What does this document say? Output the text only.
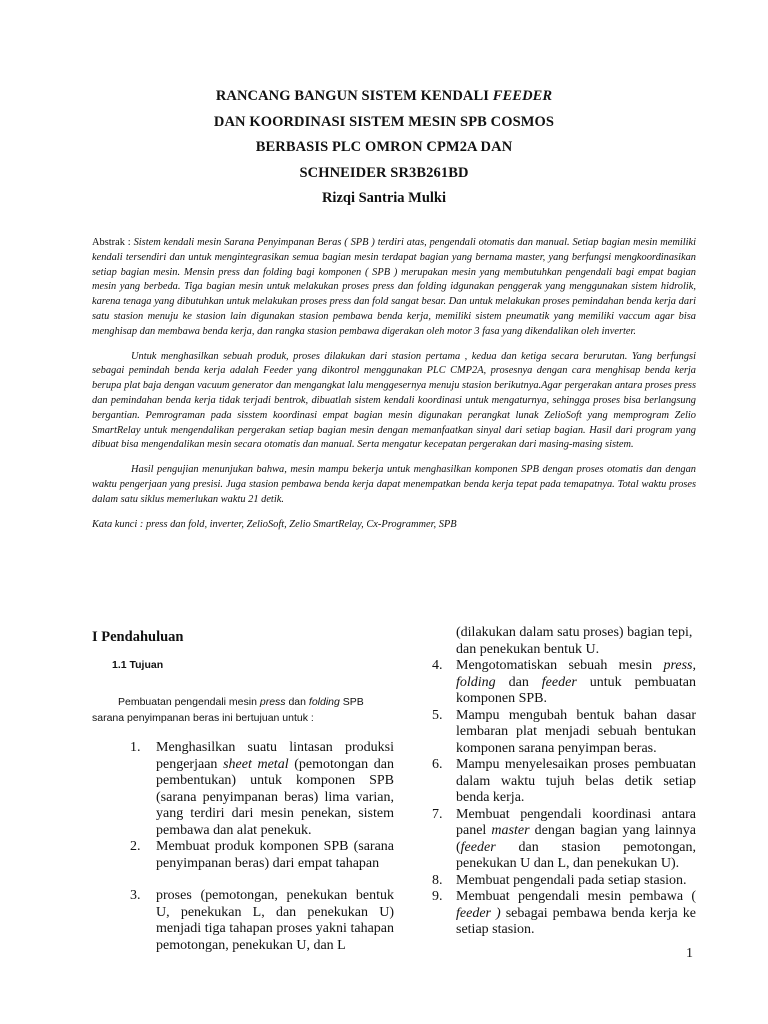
RANCANG BANGUN SISTEM KENDALI FEEDER
DAN KOORDINASI SISTEM MESIN SPB COSMOS
BERBASIS PLC OMRON CPM2A DAN
SCHNEIDER SR3B261BD
Rizqi Santria Mulki

Abstrak : Sistem kendali mesin Sarana Penyimpanan Beras ( SPB ) terdiri atas, pengendali otomatis dan manual. Setiap bagian mesin memiliki kendali tersendiri dan untuk mengintegrasikan semua bagian mesin terdapat bagian yang bernama master, yang berfungsi mengkoordinasikan setiap bagian mesin. Mensin press dan folding bagi komponen ( SPB ) merupakan mesin yang membutuhkan pengendali bagi empat bagian mesin yang berbeda. Tiga bagian mesin untuk melakukan proses press dan folding idgunakan penggerak yang menggunakan sistem hidrolik, karena tenaga yang dibutuhkan untuk melakukan proses press dan fold sangat besar. Dan untuk melakukan proses pemindahan benda kerja dari satu stasion menuju ke stasion lain digunakan stasion pembawa benda kerja, memiliki sistem pneumatik yang memiliki vaccum agar bisa menghisap dan membawa benda kerja, dan rangka stasion pembawa digerakan oleh motor 3 fasa yang dikendalikan oleh inverter.

Untuk menghasilkan sebuah produk, proses dilakukan dari stasion pertama , kedua dan ketiga secara berurutan. Yang berfungsi sebagai pemindah benda kerja adalah Feeder yang dikontrol menggunakan PLC CMP2A, prosesnya dengan cara menghisap benda kerja berupa plat baja dengan vacuum generator dan mengangkat lalu menggesernya menuju stasion berikutnya.Agar pergerakan antara proses press dan pemindahan benda kerja tidak terjadi bentrok, dibuatlah sistem kendali koordinasi untuk mengaturnya, sehingga proses bisa berlangsung bergantian. Pemrograman pada sisstem koordinasi empat bagian mesin digunakan perangkat lunak ZelioSoft yang memprogram Zelio SmartRelay untuk mengendalikan pergerakan setiap bagian mesin dengan memanfaatkan sinyal dari setiap bagian. Hasil dari program yang dibuat bisa mengendalikan mesin secara otomatis dan manual. Serta mengatur kecepatan pergerakan dari masing-masing sistem.

Hasil pengujian menunjukan bahwa, mesin mampu bekerja untuk menghasilkan komponen SPB dengan proses otomatis dan dengan waktu pengerjaan yang presisi. Juga stasion pembawa benda kerja dapat menempatkan benda kerja tepat pada temapatnya. Total waktu proses dalam satu siklus memerlukan waktu 21 detik.

Kata kunci : press dan fold, inverter, ZelioSoft, Zelio SmartRelay, Cx-Programmer, SPB

I Pendahuluan
1.1 Tujuan

Pembuatan pengendali mesin press dan folding SPB sarana penyimpanan beras ini bertujuan untuk :

1. Menghasilkan suatu lintasan produksi pengerjaan sheet metal (pemotongan dan pembentukan) untuk komponen SPB (sarana penyimpanan beras) lima varian, yang terdiri dari mesin penekan, sistem pembawa dan alat penekuk.
2. Membuat produk komponen SPB (sarana penyimpanan beras) dari empat tahapan
3. proses (pemotongan, penekukan bentuk U, penekukan L, dan penekukan U) menjadi tiga tahapan proses yakni tahapan pemotongan, penekukan U, dan L
(dilakukan dalam satu proses) bagian tepi, dan penekukan bentuk U.
4. Mengotomatiskan sebuah mesin press, folding dan feeder untuk pembuatan komponen SPB.
5. Mampu mengubah bentuk bahan dasar lembaran plat menjadi sebuah bentukan komponen sarana penyimpan beras.
6. Mampu menyelesaikan proses pembuatan dalam waktu tujuh belas detik setiap benda kerja.
7. Membuat pengendali koordinasi antara panel master dengan bagian yang lainnya (feeder dan stasion pemotongan, penekukan U dan L, dan penekukan U).
8. Membuat pengendali pada setiap stasion.
9. Membuat pengendali mesin pembawa ( feeder ) sebagai pembawa benda kerja ke setiap stasion.
1
